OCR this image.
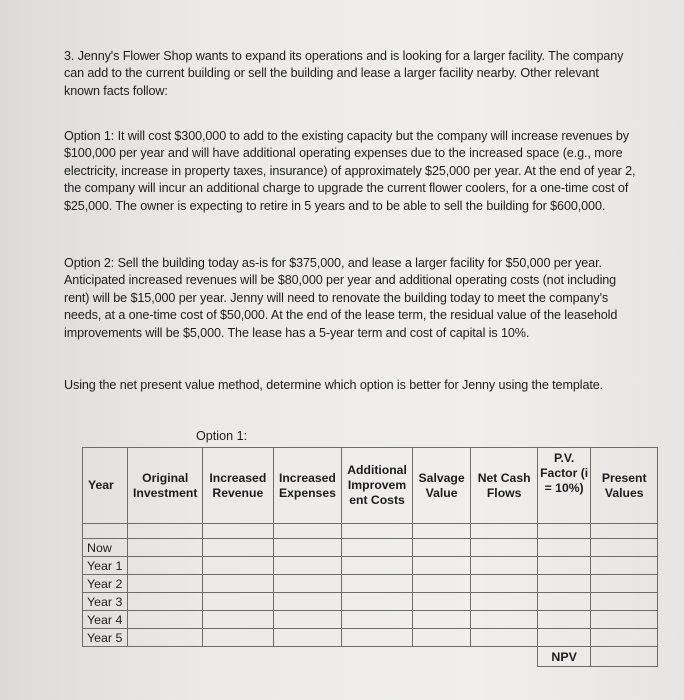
3. Jenny's Flower Shop wants to expand its operations and is looking for a larger facility. The company can add to the current building or sell the building and lease a larger facility nearby. Other relevant known facts follow:
Option 1: It will cost $300,000 to add to the existing capacity but the company will increase revenues by $100,000 per year and will have additional operating expenses due to the increased space (e.g., more electricity, increase in property taxes, insurance) of approximately $25,000 per year. At the end of year 2, the company will incur an additional charge to upgrade the current flower coolers, for a one-time cost of $25,000. The owner is expecting to retire in 5 years and to be able to sell the building for $600,000.
Option 2: Sell the building today as-is for $375,000, and lease a larger facility for $50,000 per year. Anticipated increased revenues will be $80,000 per year and additional operating costs (not including rent) will be $15,000 per year. Jenny will need to renovate the building today to meet the company's needs, at a one-time cost of $50,000. At the end of the lease term, the residual value of the leasehold improvements will be $5,000. The lease has a 5-year term and cost of capital is 10%.
Using the net present value method, determine which option is better for Jenny using the template.
Option 1:
Year	Original Investment	Increased Revenue	Increased Expenses	Additional Improvem ent Costs	Salvage Value	Net Cash Flows	P.V. Factor (i = 10%)	Present Values

Now								
Year 1								
Year 2								
Year 3								
Year 4								
Year 5								
							NPV	
